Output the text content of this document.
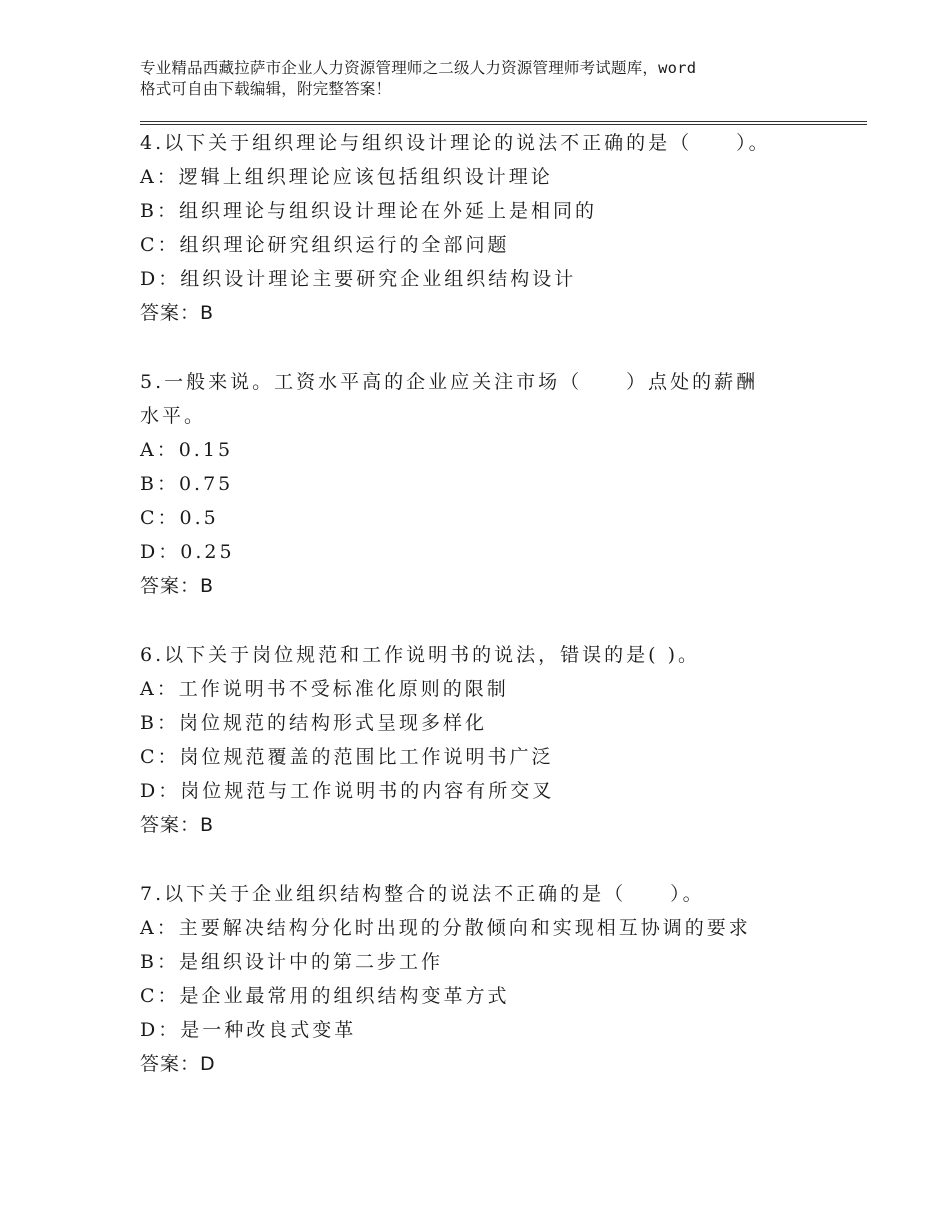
专业精品西藏拉萨市企业人力资源管理师之二级人力资源管理师考试题库，word
格式可自由下载编辑，附完整答案！

4.以下关于组织理论与组织设计理论的说法不正确的是（　　）。

A：逻辑上组织理论应该包括组织设计理论

B：组织理论与组织设计理论在外延上是相同的

C：组织理论研究组织运行的全部问题

D：组织设计理论主要研究企业组织结构设计

答案：B

5.一般来说。工资水平高的企业应关注市场（　　）点处的薪酬水平。

A：0.15

B：0.75

C：0.5

D：0.25

答案：B

6.以下关于岗位规范和工作说明书的说法，错误的是( )。

A：工作说明书不受标准化原则的限制

B：岗位规范的结构形式呈现多样化

C：岗位规范覆盖的范围比工作说明书广泛

D：岗位规范与工作说明书的内容有所交叉

答案：B

7.以下关于企业组织结构整合的说法不正确的是（　　）。

A：主要解决结构分化时出现的分散倾向和实现相互协调的要求

B：是组织设计中的第二步工作

C：是企业最常用的组织结构变革方式

D：是一种改良式变革

答案：D
